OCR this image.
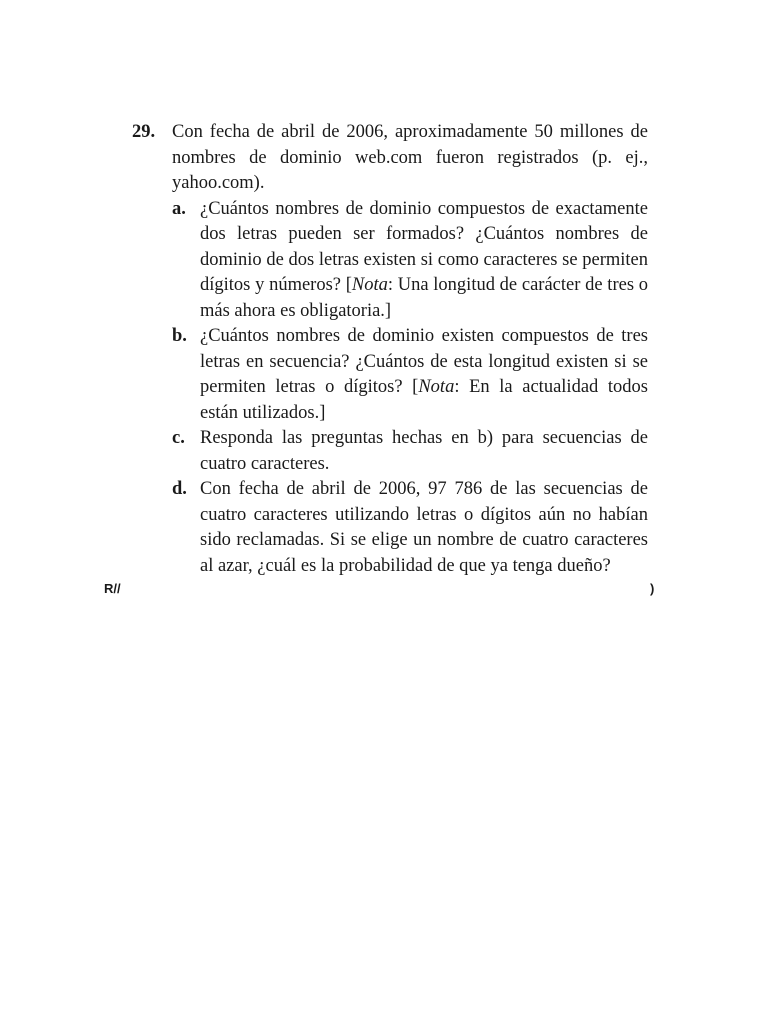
29. Con fecha de abril de 2006, aproximadamente 50 millones de nombres de dominio web.com fueron registrados (p. ej., yahoo.com).
a. ¿Cuántos nombres de dominio compuestos de exactamente dos letras pueden ser formados? ¿Cuántos nombres de dominio de dos letras existen si como caracteres se permiten dígitos y números? [Nota: Una longitud de carácter de tres o más ahora es obligatoria.]
b. ¿Cuántos nombres de dominio existen compuestos de tres letras en secuencia? ¿Cuántos de esta longitud existen si se permiten letras o dígitos? [Nota: En la actualidad todos están utilizados.]
c. Responda las preguntas hechas en b) para secuencias de cuatro caracteres.
d. Con fecha de abril de 2006, 97 786 de las secuencias de cuatro caracteres utilizando letras o dígitos aún no habían sido reclamadas. Si se elige un nombre de cuatro caracteres al azar, ¿cuál es la probabilidad de que ya tenga dueño?
R//	)
